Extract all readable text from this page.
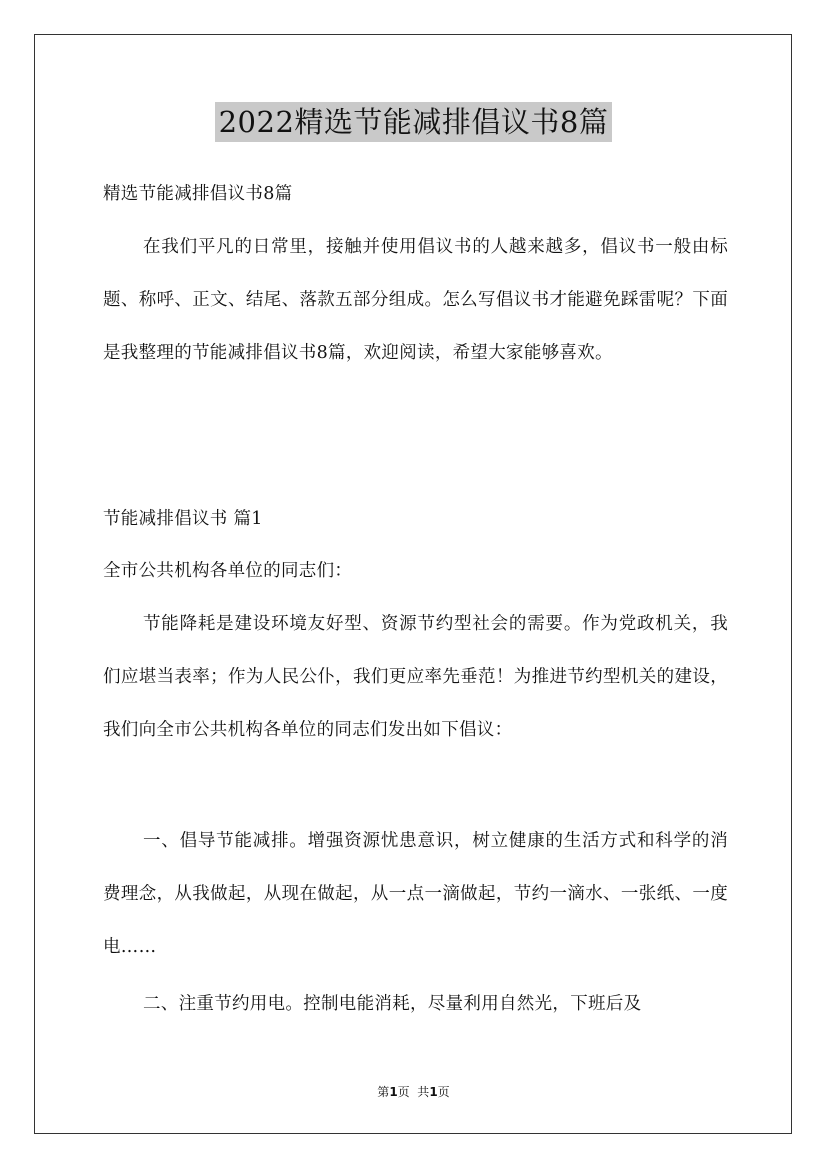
2022精选节能减排倡议书8篇

精选节能减排倡议书8篇

在我们平凡的日常里，接触并使用倡议书的人越来越多，倡议书一般由标题、称呼、正文、结尾、落款五部分组成。怎么写倡议书才能避免踩雷呢？下面是我整理的节能减排倡议书8篇，欢迎阅读，希望大家能够喜欢。

节能减排倡议书 篇1

全市公共机构各单位的同志们：

节能降耗是建设环境友好型、资源节约型社会的需要。作为党政机关，我们应堪当表率；作为人民公仆，我们更应率先垂范！为推进节约型机关的建设，我们向全市公共机构各单位的同志们发出如下倡议：

一、倡导节能减排。增强资源忧患意识，树立健康的生活方式和科学的消费理念，从我做起，从现在做起，从一点一滴做起，节约一滴水、一张纸、一度电……

二、注重节约用电。控制电能消耗，尽量利用自然光，下班后及

第1页  共1页
